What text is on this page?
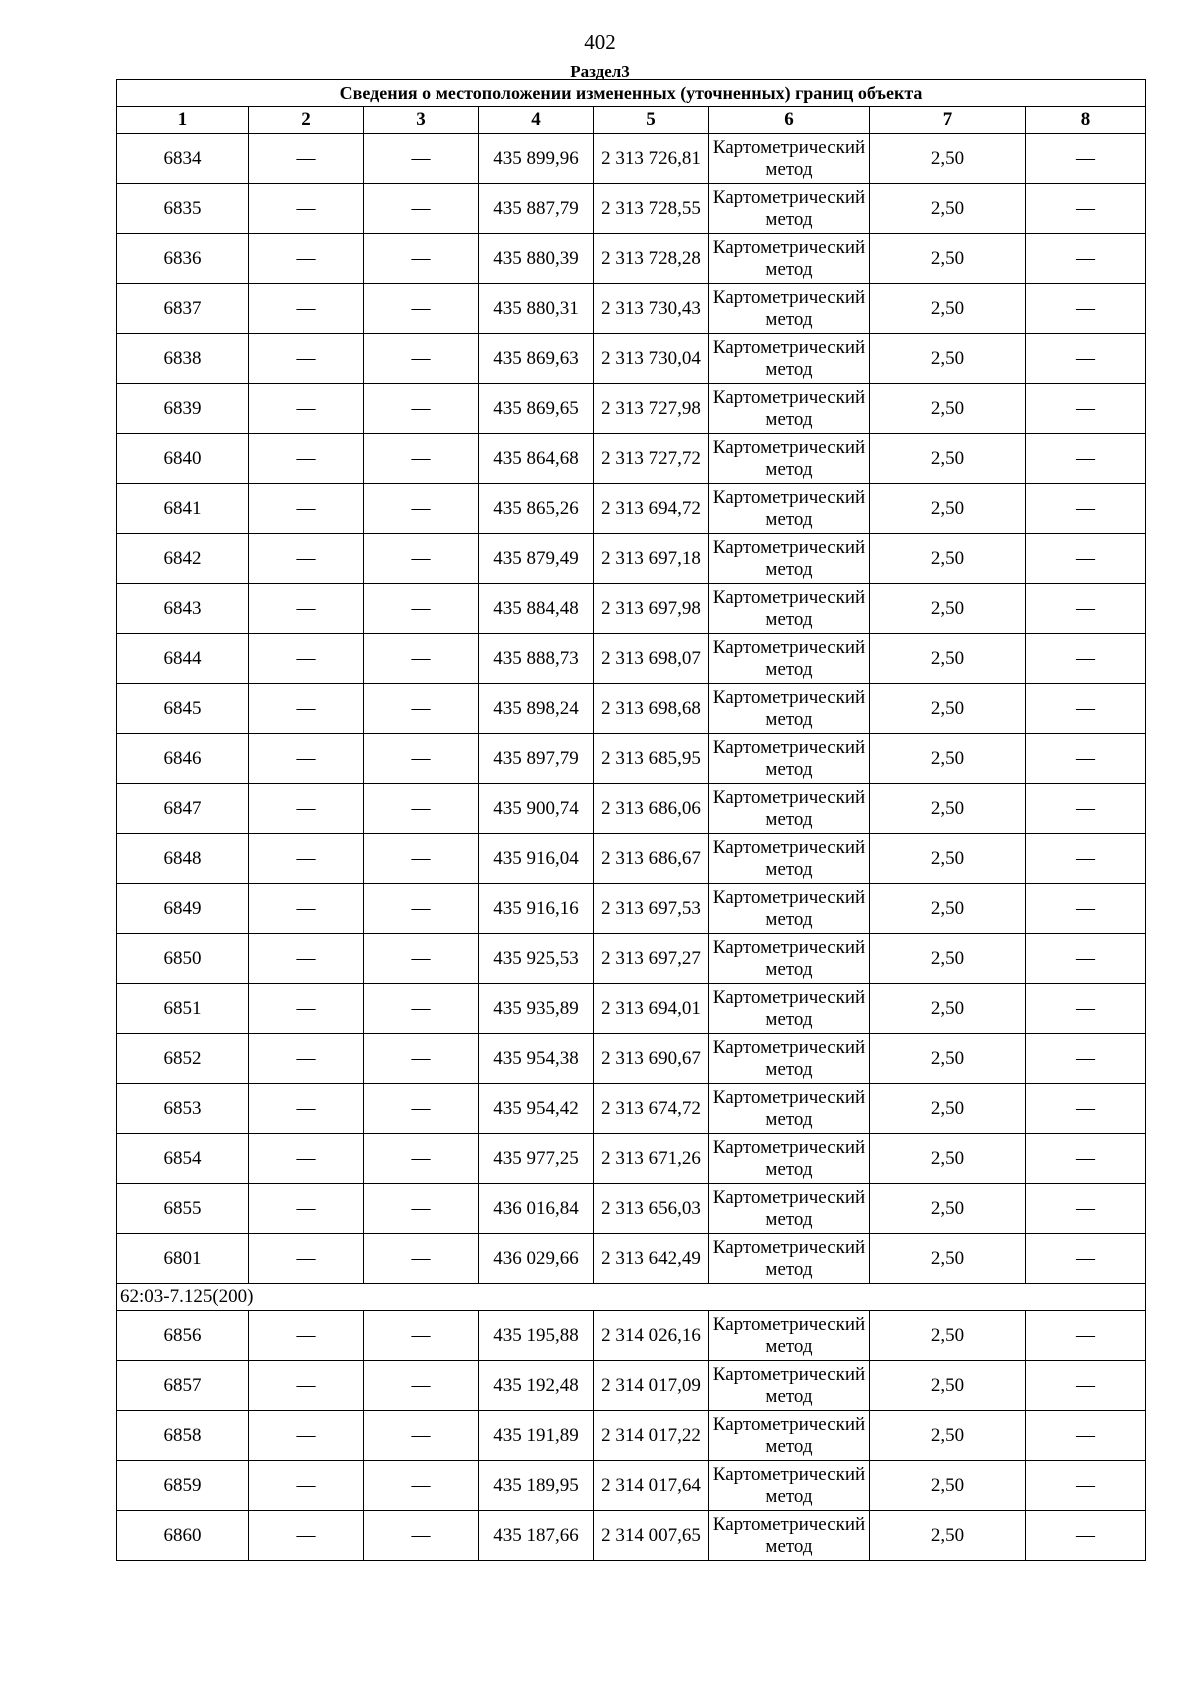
402
Раздел3
Сведения о местоположении измененных (уточненных) границ объекта							
1	2	3	4	5	6	7	8
6834	—	—	435 899,96	2 313 726,81	Картометрический метод	2,50	—
6835	—	—	435 887,79	2 313 728,55	Картометрический метод	2,50	—
6836	—	—	435 880,39	2 313 728,28	Картометрический метод	2,50	—
6837	—	—	435 880,31	2 313 730,43	Картометрический метод	2,50	—
6838	—	—	435 869,63	2 313 730,04	Картометрический метод	2,50	—
6839	—	—	435 869,65	2 313 727,98	Картометрический метод	2,50	—
6840	—	—	435 864,68	2 313 727,72	Картометрический метод	2,50	—
6841	—	—	435 865,26	2 313 694,72	Картометрический метод	2,50	—
6842	—	—	435 879,49	2 313 697,18	Картометрический метод	2,50	—
6843	—	—	435 884,48	2 313 697,98	Картометрический метод	2,50	—
6844	—	—	435 888,73	2 313 698,07	Картометрический метод	2,50	—
6845	—	—	435 898,24	2 313 698,68	Картометрический метод	2,50	—
6846	—	—	435 897,79	2 313 685,95	Картометрический метод	2,50	—
6847	—	—	435 900,74	2 313 686,06	Картометрический метод	2,50	—
6848	—	—	435 916,04	2 313 686,67	Картометрический метод	2,50	—
6849	—	—	435 916,16	2 313 697,53	Картометрический метод	2,50	—
6850	—	—	435 925,53	2 313 697,27	Картометрический метод	2,50	—
6851	—	—	435 935,89	2 313 694,01	Картометрический метод	2,50	—
6852	—	—	435 954,38	2 313 690,67	Картометрический метод	2,50	—
6853	—	—	435 954,42	2 313 674,72	Картометрический метод	2,50	—
6854	—	—	435 977,25	2 313 671,26	Картометрический метод	2,50	—
6855	—	—	436 016,84	2 313 656,03	Картометрический метод	2,50	—
6801	—	—	436 029,66	2 313 642,49	Картометрический метод	2,50	—
62:03-7.125(200)							
6856	—	—	435 195,88	2 314 026,16	Картометрический метод	2,50	—
6857	—	—	435 192,48	2 314 017,09	Картометрический метод	2,50	—
6858	—	—	435 191,89	2 314 017,22	Картометрический метод	2,50	—
6859	—	—	435 189,95	2 314 017,64	Картометрический метод	2,50	—
6860	—	—	435 187,66	2 314 007,65	Картометрический метод	2,50	—
